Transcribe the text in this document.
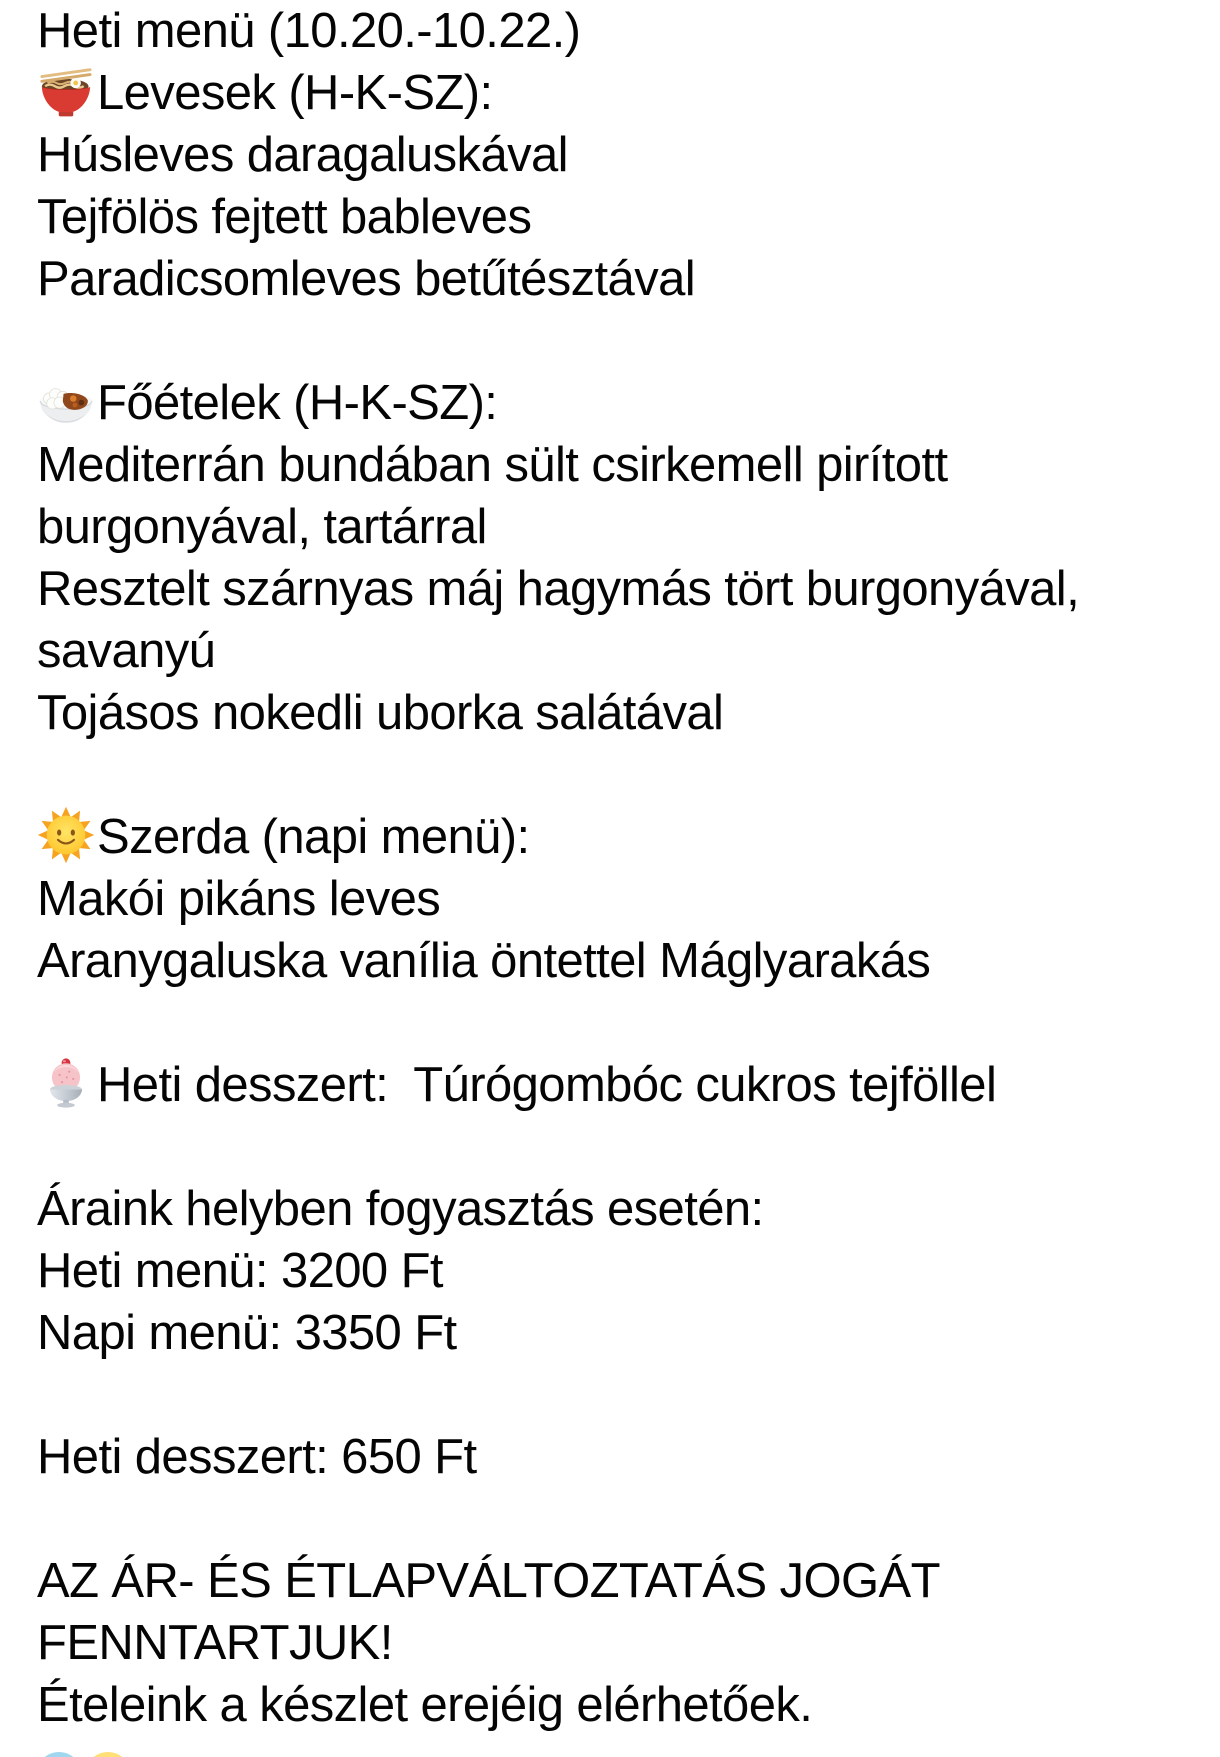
Heti menü (10.20.-10.22.)
Levesek (H-K-SZ):
Húsleves daragaluskával
Tejfölös fejtett bableves
Paradicsomleves betűtésztával
Főételek (H-K-SZ):
Mediterrán bundában sült csirkemell pirított
burgonyával, tartárral
Resztelt szárnyas máj hagymás tört burgonyával,
savanyú
Tojásos nokedli uborka salátával
Szerda (napi menü):
Makói pikáns leves
Aranygaluska vanília öntettel Máglyarakás
Heti desszert:  Túrógombóc cukros tejföllel
Áraink helyben fogyasztás esetén:
Heti menü: 3200 Ft
Napi menü: 3350 Ft
Heti desszert: 650 Ft
AZ ÁR- ÉS ÉTLAPVÁLTOZTATÁS JOGÁT
FENNTARTJUK!
Ételeink a készlet erejéig elérhetőek.
